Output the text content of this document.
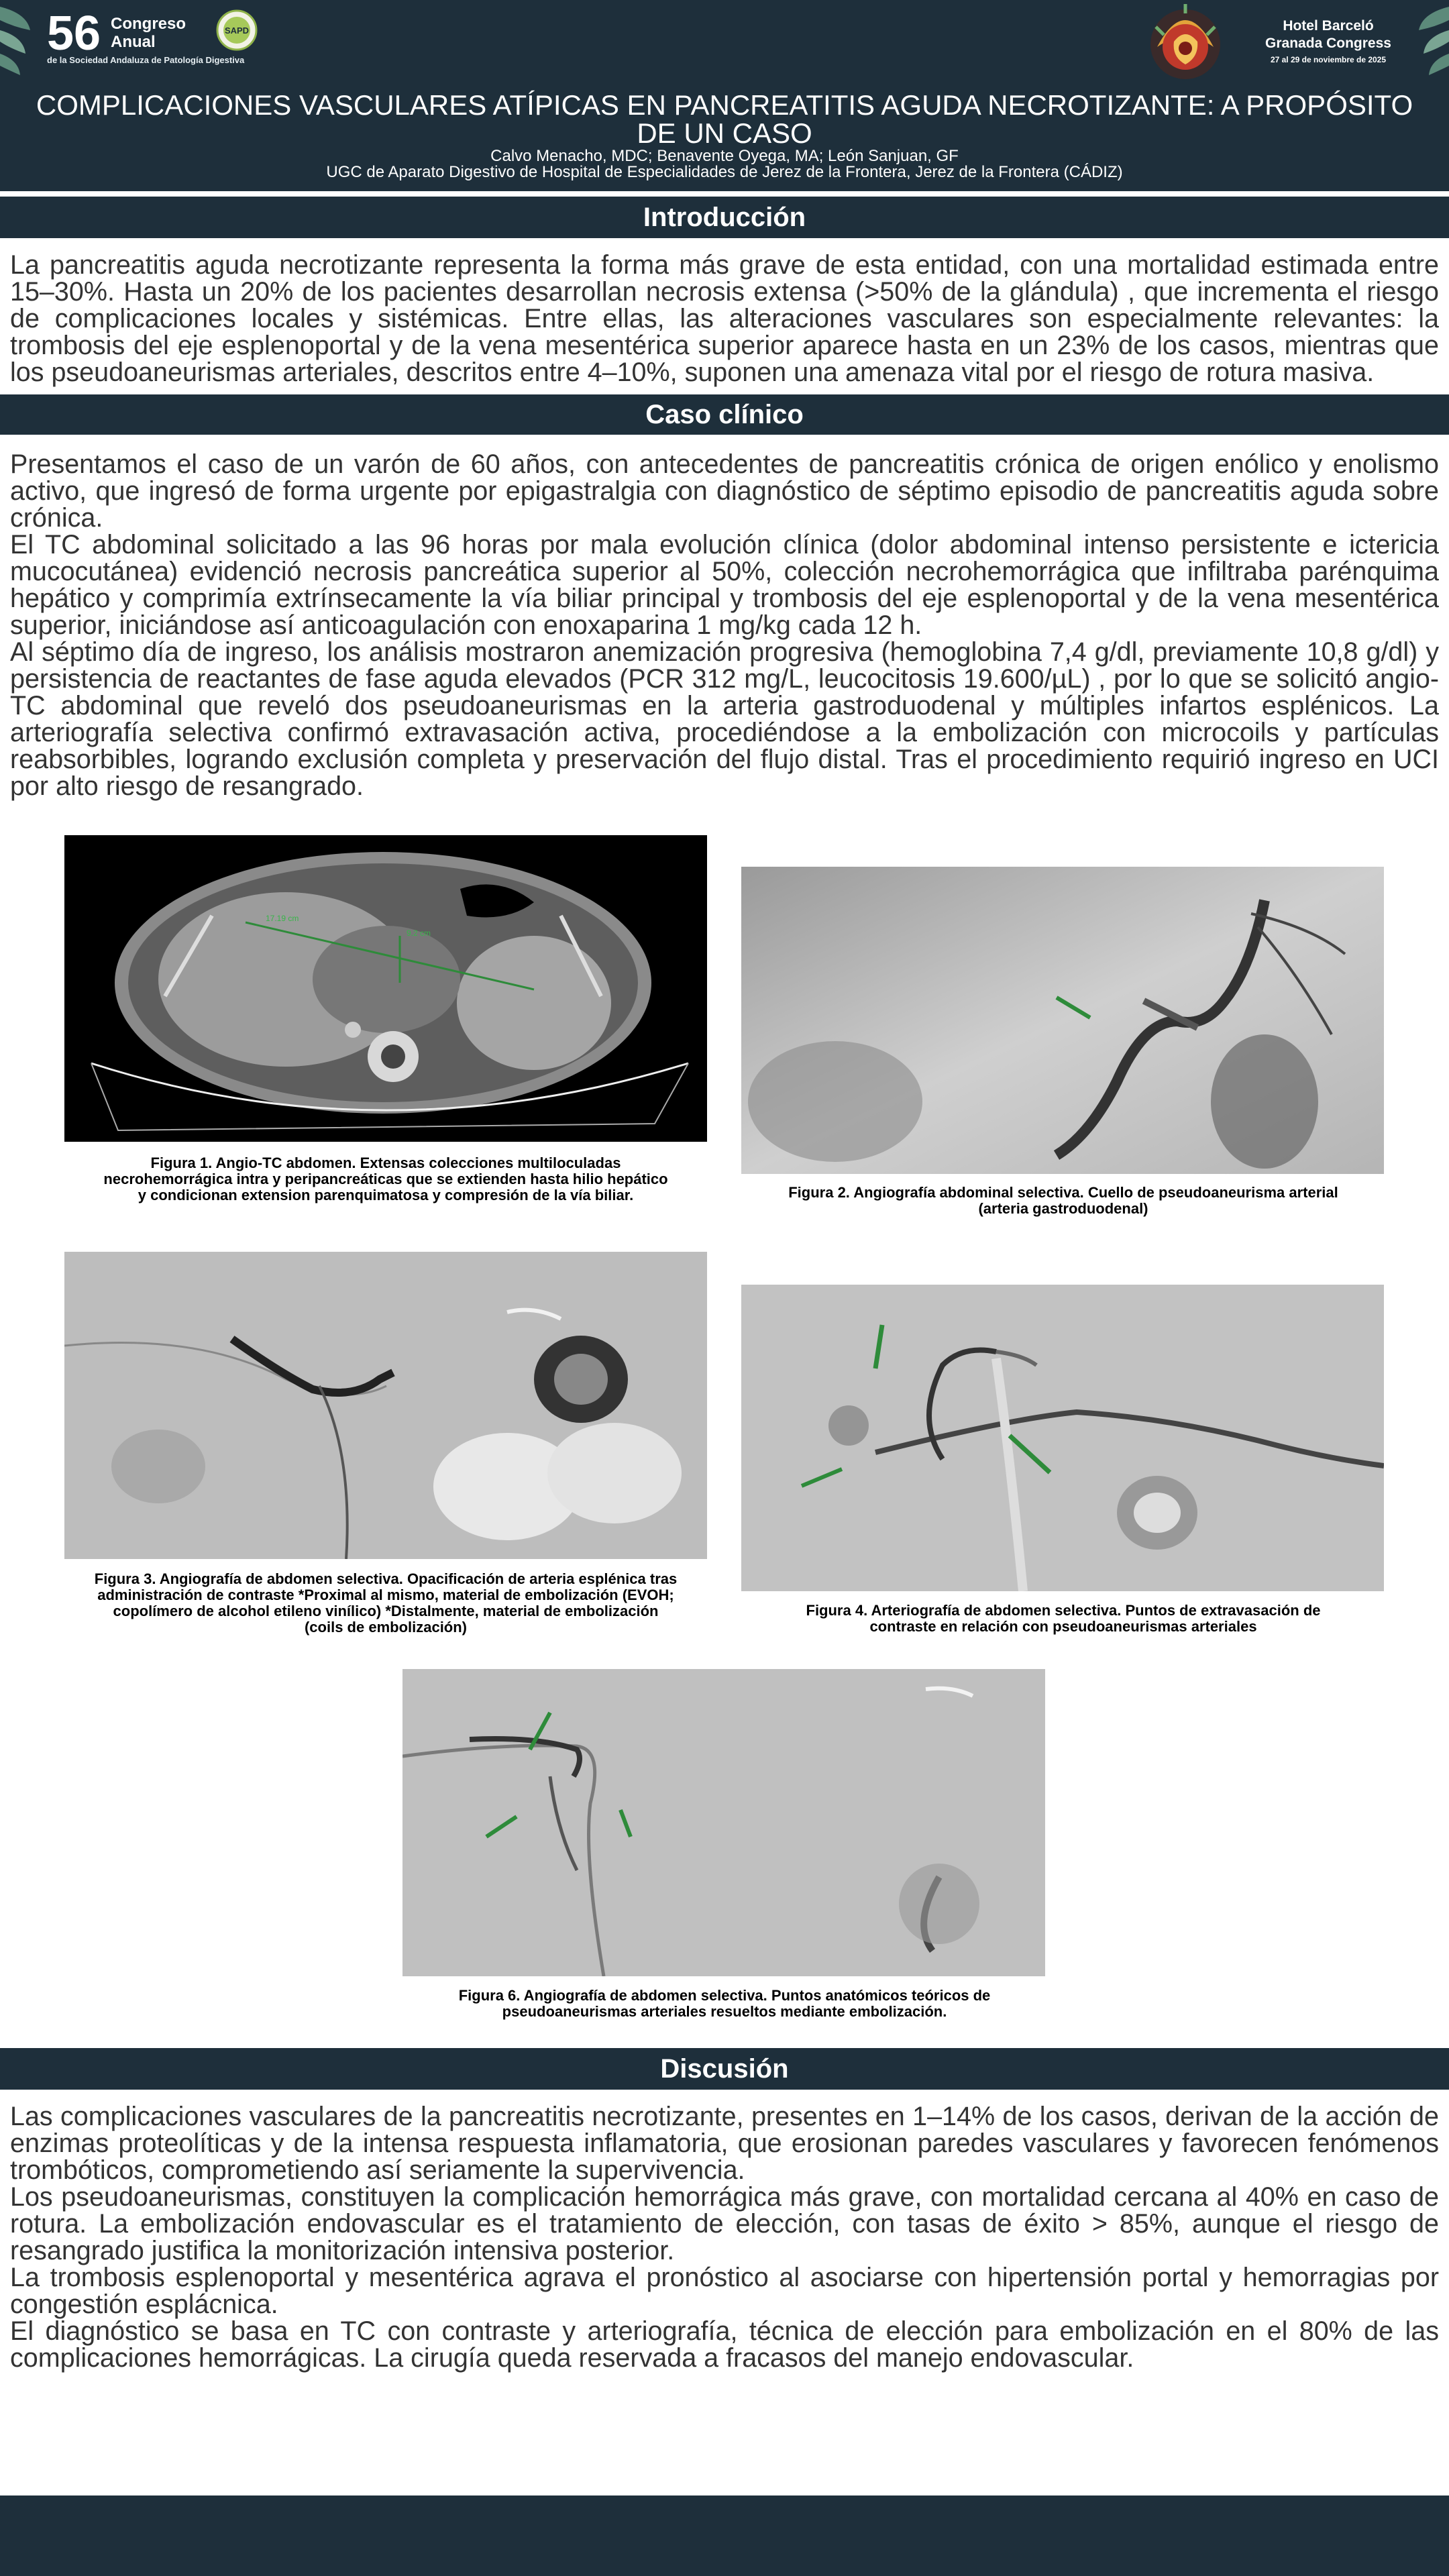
56 Congreso
Anual
de la Sociedad Andaluza de Patología Digestiva
SAPD	Hotel Barceló
Granada Congress
27 al 29 de noviembre de 2025
COMPLICACIONES VASCULARES ATÍPICAS EN PANCREATITIS AGUDA NECROTIZANTE: A PROPÓSITO DE UN CASO
Calvo Menacho, MDC; Benavente Oyega, MA; León Sanjuan, GF
UGC de Aparato Digestivo de Hospital de Especialidades de Jerez de la Frontera, Jerez de la Frontera (CÁDIZ)
Introducción

La pancreatitis aguda necrotizante representa la forma más grave de esta entidad, con una mortalidad estimada entre 15–30%. Hasta un 20% de los pacientes desarrollan necrosis extensa (>50% de la glándula) , que incrementa el riesgo de complicaciones locales y sistémicas. Entre ellas, las alteraciones vasculares son especialmente relevantes: la trombosis del eje esplenoportal y de la vena mesentérica superior aparece hasta en un 23% de los casos, mientras que los pseudoaneurismas arteriales, descritos entre 4–10%, suponen una amenaza vital por el riesgo de rotura masiva.

Caso clínico

Presentamos el caso de un varón de 60 años, con antecedentes de pancreatitis crónica de origen enólico y enolismo activo, que ingresó de forma urgente por epigastralgia con diagnóstico de séptimo episodio de pancreatitis aguda sobre crónica.

El TC abdominal solicitado a las 96 horas por mala evolución clínica (dolor abdominal intenso persistente e ictericia mucocutánea) evidenció necrosis pancreática superior al 50%, colección necrohemorrágica que infiltraba parénquima hepático y comprimía extrínsecamente la vía biliar principal y trombosis del eje esplenoportal y de la vena mesentérica superior, iniciándose así anticoagulación con enoxaparina 1 mg/kg cada 12 h.

Al séptimo día de ingreso, los análisis mostraron anemización progresiva (hemoglobina 7,4 g/dl, previamente 10,8 g/dl) y persistencia de reactantes de fase aguda elevados (PCR 312 mg/L, leucocitosis 19.600/µL) , por lo que se solicitó angio-TC abdominal que reveló dos pseudoaneurismas en la arteria gastroduodenal y múltiples infartos esplénicos. La arteriografía selectiva confirmó extravasación activa, procediéndose a la embolización con microcoils y partículas reabsorbibles, logrando exclusión completa y preservación del flujo distal. Tras el procedimiento requirió ingreso en UCI por alto riesgo de resangrado.

17.19 cm
9.2 cm
Figura 1. Angio-TC abdomen. Extensas colecciones multiloculadas necrohemorrágica intra y peripancreáticas que se extienden hasta hilio hepático y condicionan extension parenquimatosa y compresión de la vía biliar.	Figura 2. Angiografía abdominal selectiva. Cuello de pseudoaneurisma arterial (arteria gastroduodenal)
Figura 3. Angiografía de abdomen selectiva. Opacificación de arteria esplénica tras administración de contraste *Proximal al mismo, material de embolización (EVOH; copolímero de alcohol etileno vinílico) *Distalmente, material de embolización (coils de embolización)
Figura 4. Arteriografía de abdomen selectiva. Puntos de extravasación de contraste en relación con pseudoaneurismas arteriales
Figura 6. Angiografía de abdomen selectiva. Puntos anatómicos teóricos de pseudoaneurismas arteriales resueltos mediante embolización.
Discusión

Las complicaciones vasculares de la pancreatitis necrotizante, presentes en 1–14% de los casos, derivan de la acción de enzimas proteolíticas y de la intensa respuesta inflamatoria, que erosionan paredes vasculares y favorecen fenómenos trombóticos, comprometiendo así seriamente la supervivencia.

Los pseudoaneurismas, constituyen la complicación hemorrágica más grave, con mortalidad cercana al 40% en caso de rotura. La embolización endovascular es el tratamiento de elección, con tasas de éxito > 85%, aunque el riesgo de resangrado justifica la monitorización intensiva posterior.

La trombosis esplenoportal y mesentérica agrava el pronóstico al asociarse con hipertensión portal y hemorragias por congestión esplácnica.

El diagnóstico se basa en TC con contraste y arteriografía, técnica de elección para embolización en el 80% de las complicaciones hemorrágicas. La cirugía queda reservada a fracasos del manejo endovascular.
